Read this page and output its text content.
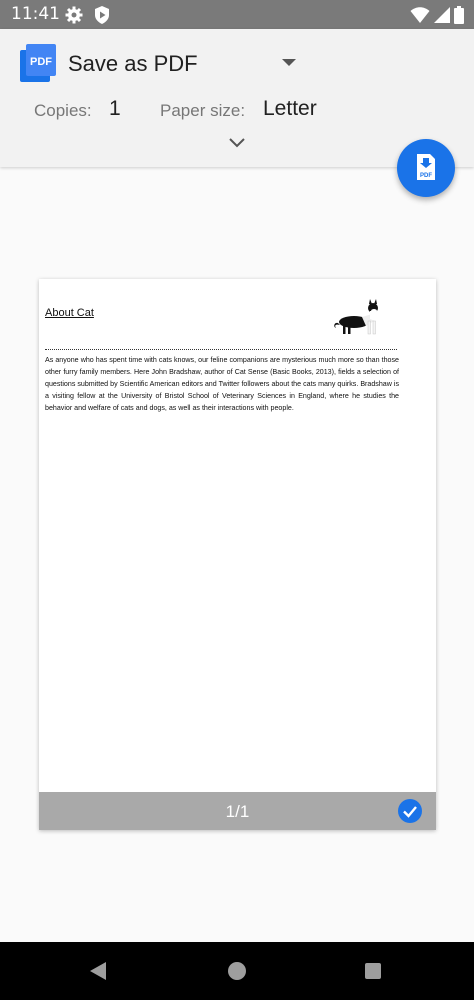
11:41
PDF Save as PDF
Copies: 1 Paper size: Letter
PDF
About Cat

As anyone who has spent time with cats knows, our feline companions are mysterious much more so than those other furry family members. Here John Bradshaw, author of Cat Sense (Basic Books, 2013), fields a selection of questions submitted by Scientific American editors and Twitter followers about the cats many quirks. Bradshaw is a visiting fellow at the University of Bristol School of Veterinary Sciences in England, where he studies the behavior and welfare of cats and dogs, as well as their interactions with people.

1/1
